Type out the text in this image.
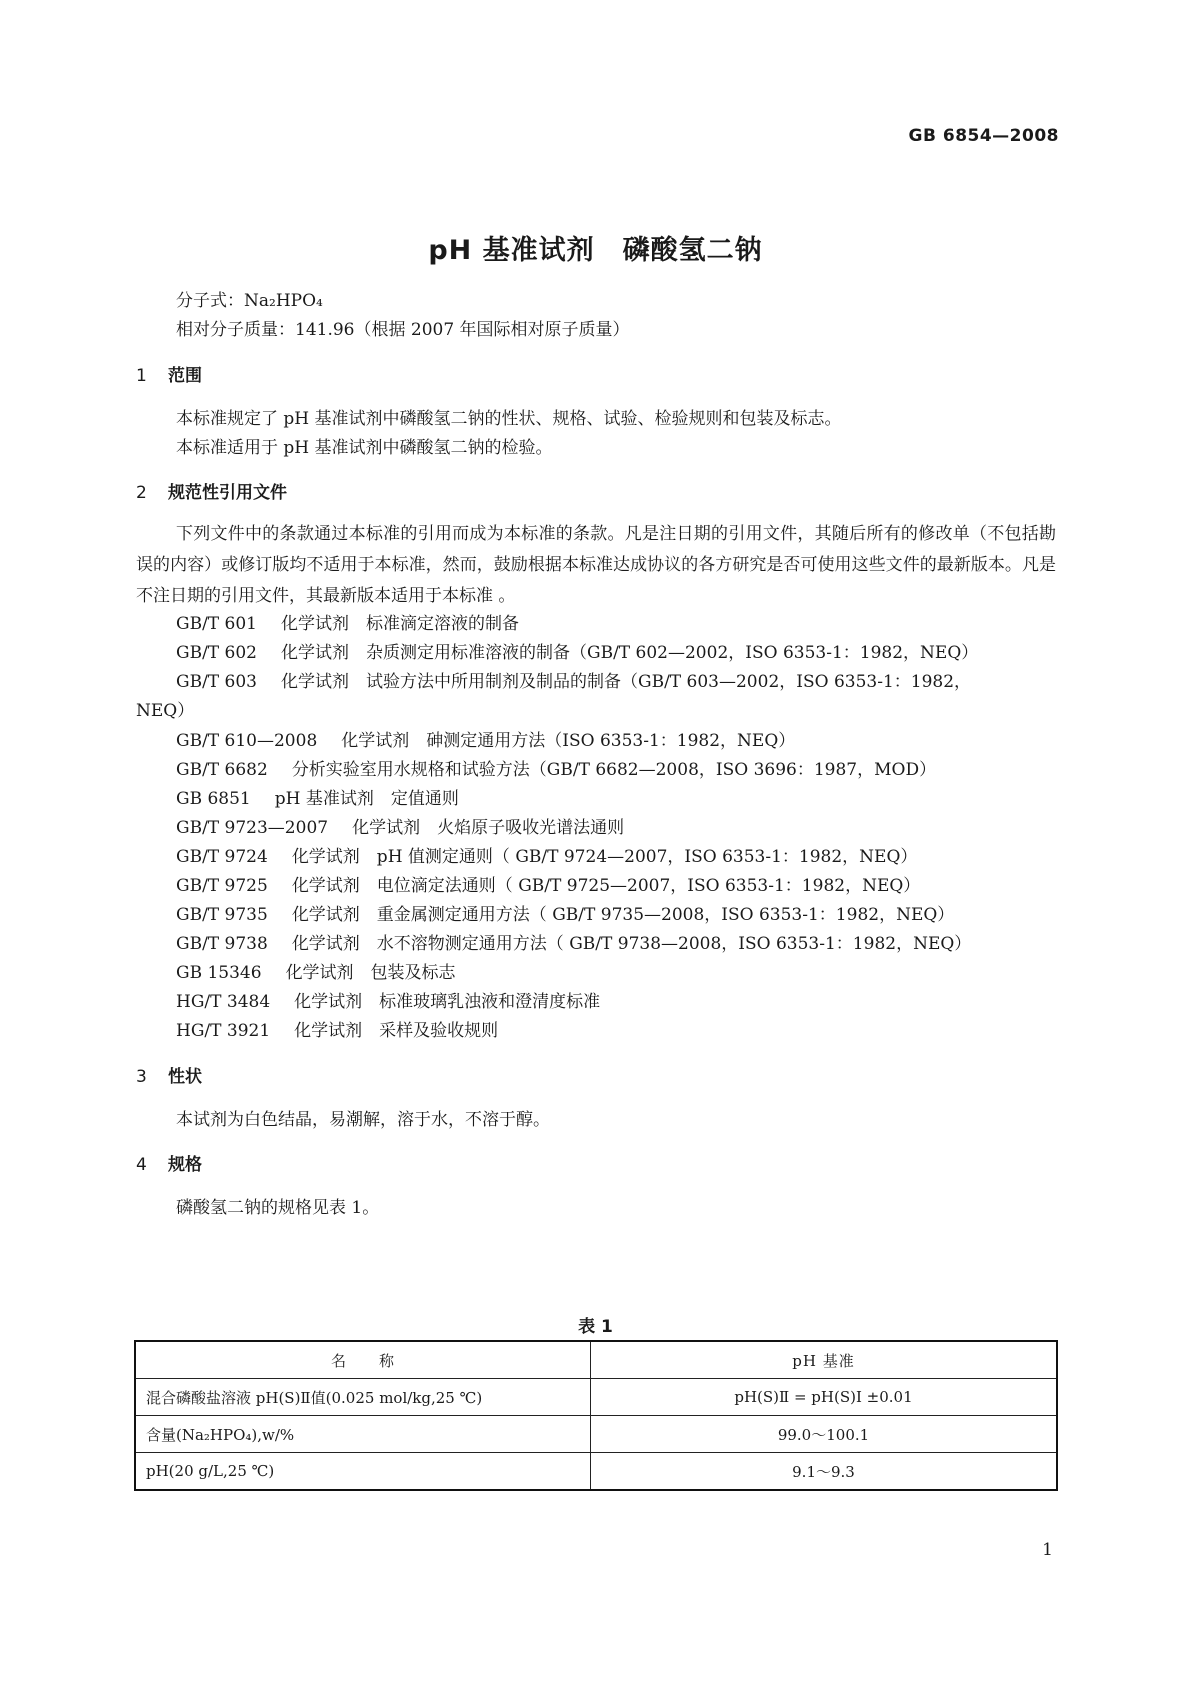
GB 6854—2008
pH 基准试剂　磷酸氢二钠
分子式：Na₂HPO₄
相对分子质量：141.96（根据 2007 年国际相对原子质量）
1 范围
本标准规定了 pH 基准试剂中磷酸氢二钠的性状、规格、试验、检验规则和包装及标志。
本标准适用于 pH 基准试剂中磷酸氢二钠的检验。
2 规范性引用文件
下列文件中的条款通过本标准的引用而成为本标准的条款。凡是注日期的引用文件，其随后所有的修改单（不包括勘误的内容）或修订版均不适用于本标准，然而，鼓励根据本标准达成协议的各方研究是否可使用这些文件的最新版本。凡是不注日期的引用文件，其最新版本适用于本标准 。
GB/T 601 化学试剂　标准滴定溶液的制备
GB/T 602 化学试剂　杂质测定用标准溶液的制备（GB/T 602—2002，ISO 6353-1：1982，NEQ）
GB/T 603 化学试剂　试验方法中所用制剂及制品的制备（GB/T 603—2002，ISO 6353-1：1982，
NEQ）
GB/T 610—2008 化学试剂　砷测定通用方法（ISO 6353-1：1982，NEQ）
GB/T 6682 分析实验室用水规格和试验方法（GB/T 6682—2008，ISO 3696：1987，MOD）
GB 6851 pH 基准试剂　定值通则
GB/T 9723—2007 化学试剂　火焰原子吸收光谱法通则
GB/T 9724 化学试剂　pH 值测定通则（ GB/T 9724—2007，ISO 6353-1：1982，NEQ）
GB/T 9725 化学试剂　电位滴定法通则（ GB/T 9725—2007，ISO 6353-1：1982，NEQ）
GB/T 9735 化学试剂　重金属测定通用方法（ GB/T 9735—2008，ISO 6353-1：1982，NEQ）
GB/T 9738 化学试剂　水不溶物测定通用方法（ GB/T 9738—2008，ISO 6353-1：1982，NEQ）
GB 15346 化学试剂　包装及标志
HG/T 3484 化学试剂　标准玻璃乳浊液和澄清度标准
HG/T 3921 化学试剂　采样及验收规则
3 性状
本试剂为白色结晶，易潮解，溶于水，不溶于醇。
4 规格
磷酸氢二钠的规格见表 1。
表 1
名　　称	pH 基准
混合磷酸盐溶液 pH(S)Ⅱ值(0.025 mol/kg,25 ℃)	pH(S)Ⅱ = pH(S)Ⅰ ±0.01
含量(Na₂HPO₄),w/%	99.0～100.1
pH(20 g/L,25 ℃)	9.1～9.3
1
